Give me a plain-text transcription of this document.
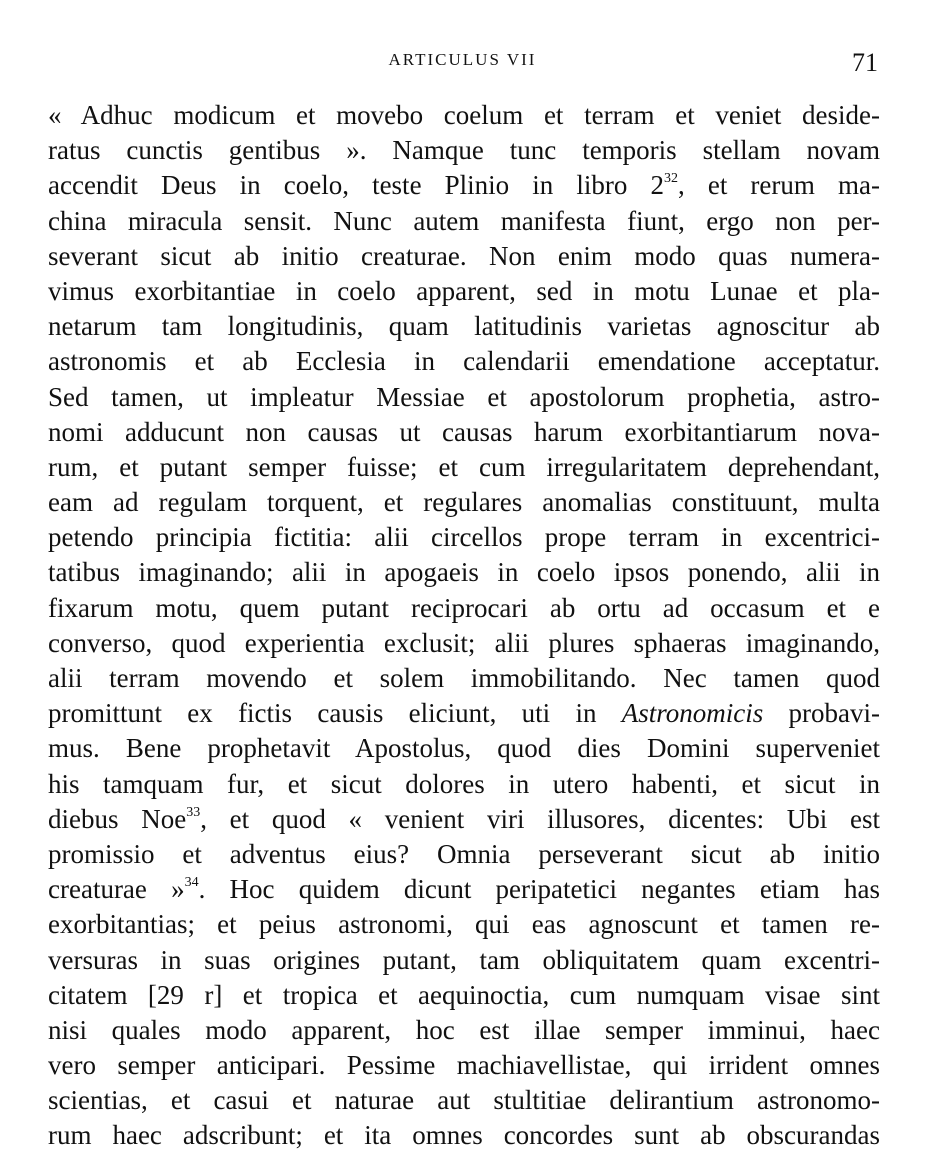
ARTICULUS VII	71
« Adhuc modicum et movebo coelum et terram et veniet deside-
ratus cunctis gentibus ». Namque tunc temporis stellam novam
accendit Deus in coelo, teste Plinio in libro $2^{32}$, et rerum ma-
china miracula sensit. Nunc autem manifesta fiunt, ergo non per-
severant sicut ab initio creaturae. Non enim modo quas numera-
vimus exorbitantiae in coelo apparent, sed in motu Lunae et pla-
netarum tam longitudinis, quam latitudinis varietas agnoscitur ab
astronomis et ab Ecclesia in calendarii emendatione acceptatur.
Sed tamen, ut impleatur Messiae et apostolorum prophetia, astro-
nomi adducunt non causas ut causas harum exorbitantiarum nova-
rum, et putant semper fuisse; et cum irregularitatem deprehendant,
eam ad regulam torquent, et regulares anomalias constituunt, multa
petendo principia fictitia: alii circellos prope terram in excentrici-
tatibus imaginando; alii in apogaeis in coelo ipsos ponendo, alii in
fixarum motu, quem putant reciprocari ab ortu ad occasum et e
converso, quod experientia exclusit; alii plures sphaeras imaginando,
alii terram movendo et solem immobilitando. Nec tamen quod
promittunt ex fictis causis eliciunt, uti in Astronomicis probavi-
mus. Bene prophetavit Apostolus, quod dies Domini superveniet
his tamquam fur, et sicut dolores in utero habenti, et sicut in
diebus Noe$^{33}$, et quod « venient viri illusores, dicentes: Ubi est
promissio et adventus eius? Omnia perseverant sicut ab initio
creaturae »$^{34}$. Hoc quidem dicunt peripatetici negantes etiam has
exorbitantias; et peius astronomi, qui eas agnoscunt et tamen re-
versuras in suas origines putant, tam obliquitatem quam excentri-
citatem [29 r] et tropica et aequinoctia, cum numquam visae sint
nisi quales modo apparent, hoc est illae semper imminui, haec
vero semper anticipari. Pessime machiavellistae, qui irrident omnes
scientias, et casui et naturae aut stultitiae delirantium astronomo-
rum haec adscribunt; et ita omnes concordes sunt ab obscurandas
